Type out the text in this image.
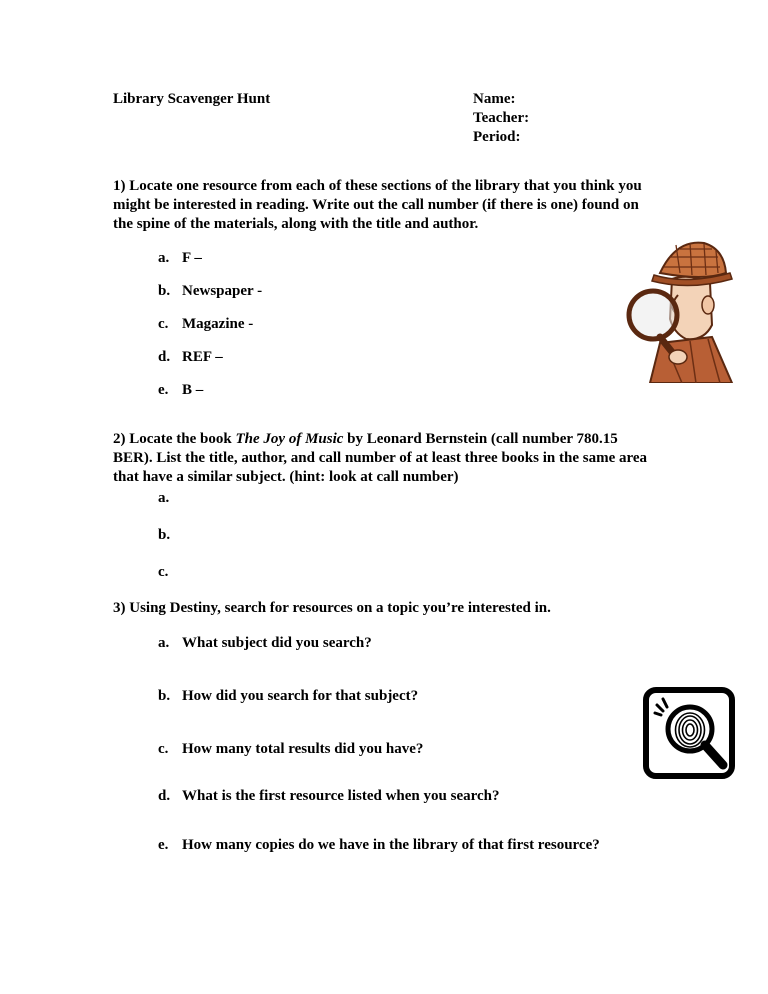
Library Scavenger Hunt	Name:
Teacher:
Period:
1) Locate one resource from each of these sections of the library that you think you might be interested in reading. Write out the call number (if there is one) found on the spine of the materials, along with the title and author.
a. F –
b. Newspaper -
c. Magazine -
d. REF –
e. B –
2) Locate the book The Joy of Music by Leonard Bernstein (call number 780.15 BER). List the title, author, and call number of at least three books in the same area that have a similar subject. (hint: look at call number)
a.
b.
c.
3) Using Destiny, search for resources on a topic you’re interested in.
a. What subject did you search?
b. How did you search for that subject?
c. How many total results did you have?
d. What is the first resource listed when you search?
e. How many copies do we have in the library of that first resource?
